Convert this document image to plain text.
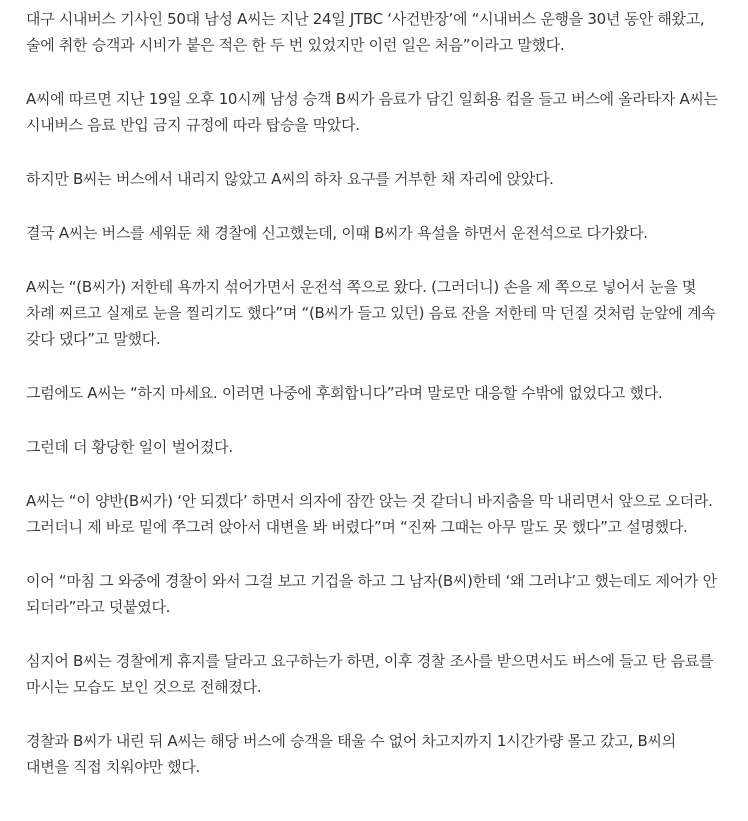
대구 시내버스 기사인 50대 남성 A씨는 지난 24일 JTBC ‘사건반장’에 “시내버스 운행을 30년 동안 해왔고, 술에 취한 승객과 시비가 붙은 적은 한 두 번 있었지만 이런 일은 처음”이라고 말했다.

A씨에 따르면 지난 19일 오후 10시께 남성 승객 B씨가 음료가 담긴 일회용 컵을 들고 버스에 올라타자 A씨는 시내버스 음료 반입 금지 규정에 따라 탑승을 막았다.

하지만 B씨는 버스에서 내리지 않았고 A씨의 하차 요구를 거부한 채 자리에 앉았다.

결국 A씨는 버스를 세워둔 채 경찰에 신고했는데, 이때 B씨가 욕설을 하면서 운전석으로 다가왔다.

A씨는 “(B씨가) 저한테 욕까지 섞어가면서 운전석 쪽으로 왔다. (그러더니) 손을 제 쪽으로 넣어서 눈을 몇 차례 찌르고 실제로 눈을 찔리기도 했다”며 “(B씨가 들고 있던) 음료 잔을 저한테 막 던질 것처럼 눈앞에 계속 갖다 댔다”고 말했다.

그럼에도 A씨는 “하지 마세요. 이러면 나중에 후회합니다”라며 말로만 대응할 수밖에 없었다고 했다.

그런데 더 황당한 일이 벌어졌다.

A씨는 “이 양반(B씨가) ‘안 되겠다’ 하면서 의자에 잠깐 앉는 것 같더니 바지춤을 막 내리면서 앞으로 오더라. 그러더니 제 바로 밑에 쭈그려 앉아서 대변을 봐 버렸다”며 “진짜 그때는 아무 말도 못 했다”고 설명했다.

이어 “마침 그 와중에 경찰이 와서 그걸 보고 기겁을 하고 그 남자(B씨)한테 ‘왜 그러냐’고 했는데도 제어가 안 되더라”라고 덧붙였다.

심지어 B씨는 경찰에게 휴지를 달라고 요구하는가 하면, 이후 경찰 조사를 받으면서도 버스에 들고 탄 음료를 마시는 모습도 보인 것으로 전해졌다.

경찰과 B씨가 내린 뒤 A씨는 해당 버스에 승객을 태울 수 없어 차고지까지 1시간가량 몰고 갔고, B씨의 대변을 직접 치워야만 했다.
